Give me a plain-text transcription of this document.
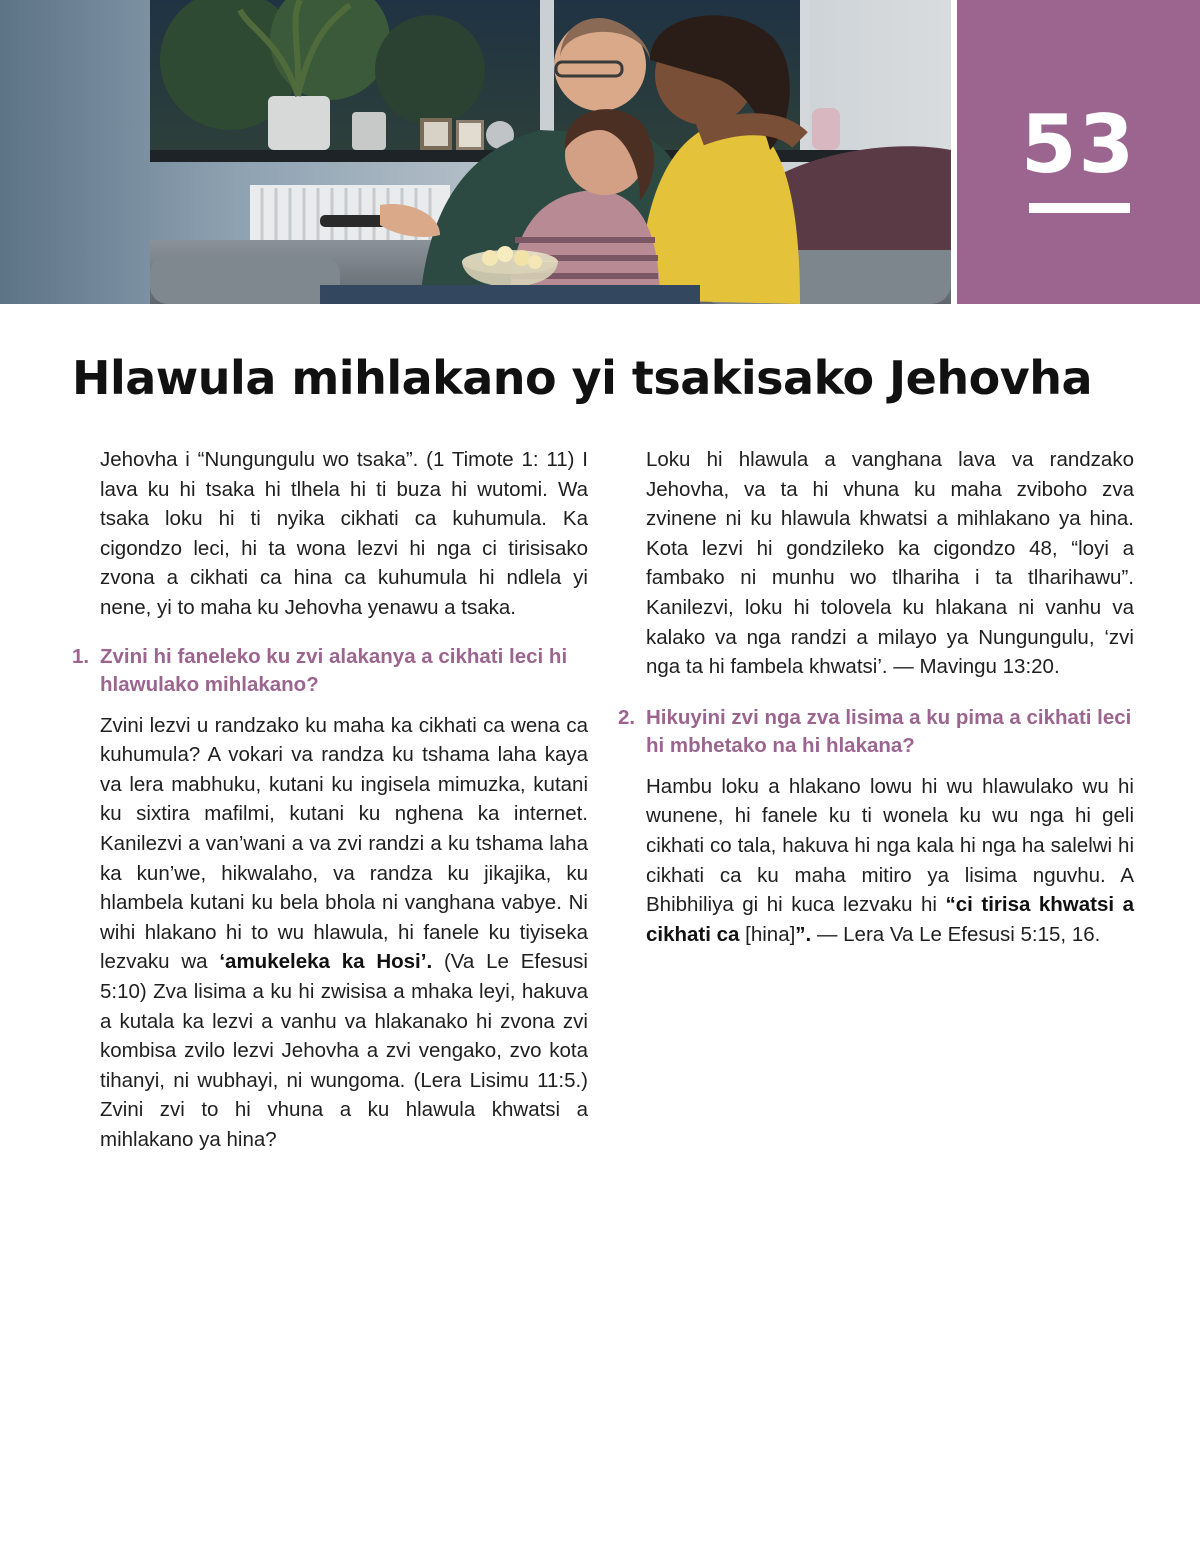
53
Hlawula mihlakano yi tsakisako Jehovha

Jehovha i “Nungungulu wo tsaka”. (1 Timote 1: 11) I lava ku hi tsaka hi tlhela hi ti buza hi wutomi. Wa tsaka loku hi ti nyika cikhati ca kuhumula. Ka cigondzo leci, hi ta wona lezvi hi nga ci tirisisako zvona a cikhati ca hina ca kuhumula hi ndlela yi nene, yi to maha ku Jehovha yenawu a tsaka.

1. Zvini hi faneleko ku zvi alakanya a cikhati leci hi hlawulako mihlakano?

Zvini lezvi u randzako ku maha ka cikhati ca wena ca kuhumula? A vokari va randza ku tshama laha kaya va lera mabhuku, kutani ku ingisela mimuzka, kutani ku sixtira mafilmi, kutani ku nghena ka internet. Kanilezvi a van’wani a va zvi randzi a ku tshama laha ka kun’we, hikwalaho, va randza ku jikajika, ku hlambela kutani ku bela bhola ni vanghana vabye. Ni wihi hlakano hi to wu hlawula, hi fanele ku tiyiseka lezvaku wa ‘amukeleka ka Hosi’. (Va Le Efesusi 5:10) Zva lisima a ku hi zwisisa a mhaka leyi, hakuva a kutala ka lezvi a vanhu va hlakanako hi zvona zvi kombisa zvilo lezvi Jehovha a zvi vengako, zvo kota tihanyi, ni wubhayi, ni wungoma. (Lera Lisimu 11:5.) Zvini zvi to hi vhuna a ku hlawula khwatsi a mihlakano ya hina?

Loku hi hlawula a vanghana lava va randzako Jehovha, va ta hi vhuna ku maha zviboho zva zvinene ni ku hlawula khwatsi a mihlakano ya hina. Kota lezvi hi gondzileko ka cigondzo 48, “loyi a fambako ni munhu wo tlhariha i ta tlharihawu”. Kanilezvi, loku hi tolovela ku hlakana ni vanhu va kalako va nga randzi a milayo ya Nungungulu, ‘zvi nga ta hi fambela khwatsi’. — Mavingu 13:20.

2. Hikuyini zvi nga zva lisima a ku pima a cikhati leci hi mbhetako na hi hlakana?

Hambu loku a hlakano lowu hi wu hlawulako wu hi wunene, hi fanele ku ti wonela ku wu nga hi geli cikhati co tala, hakuva hi nga kala hi nga ha salelwi hi cikhati ca ku maha mitiro ya lisima nguvhu. A Bhibhiliya gi hi kuca lezvaku hi “ci tirisa khwatsi a cikhati ca [hina]”. — Lera Va Le Efesusi 5:15, 16.
